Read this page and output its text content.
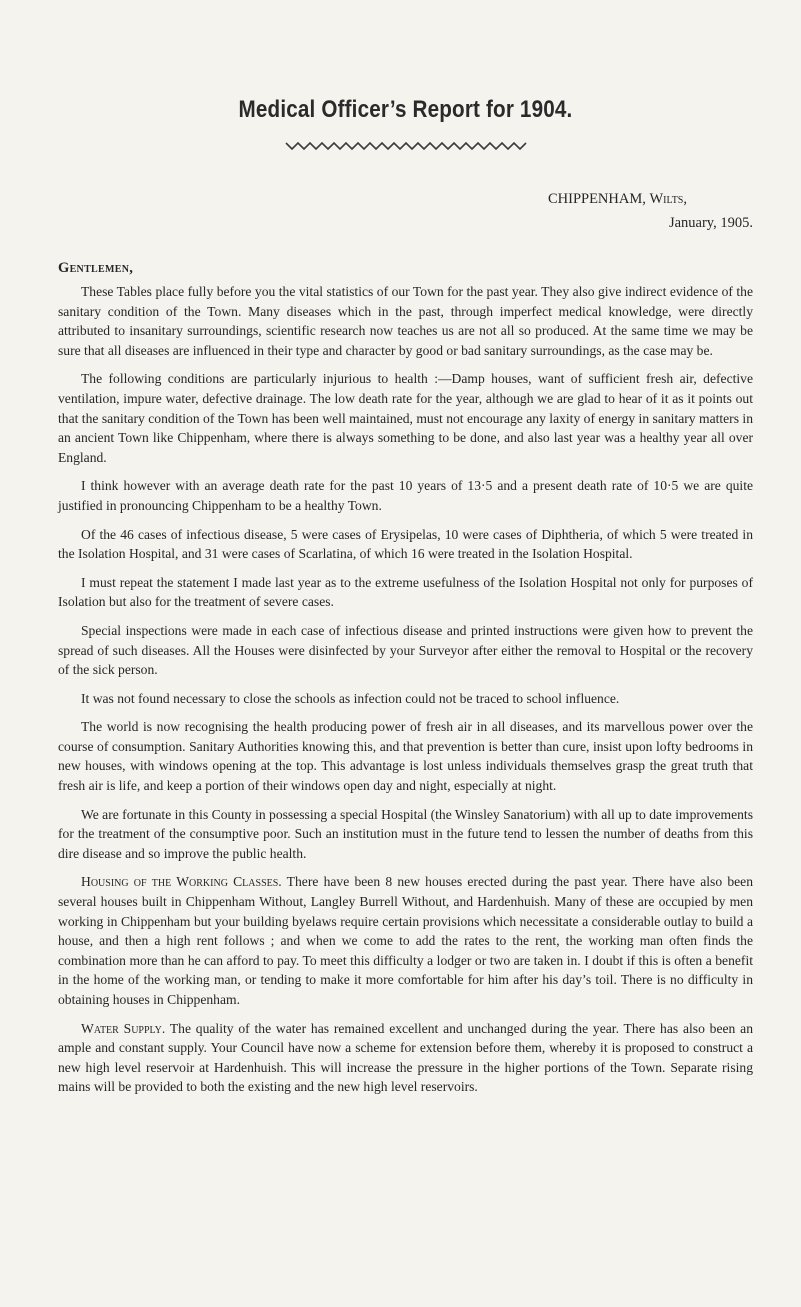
Medical Officer’s Report for 1904.
CHIPPENHAM, Wilts,
January, 1905.
Gentlemen,

These Tables place fully before you the vital statistics of our Town for the past year. They also give indirect evidence of the sanitary condition of the Town. Many diseases which in the past, through imperfect medical knowledge, were directly attributed to insanitary surroundings, scientific research now teaches us are not all so produced. At the same time we may be sure that all diseases are influenced in their type and character by good or bad sanitary surroundings, as the case may be.

The following conditions are particularly injurious to health :—Damp houses, want of sufficient fresh air, defective ventilation, impure water, defective drainage. The low death rate for the year, although we are glad to hear of it as it points out that the sanitary condition of the Town has been well maintained, must not encourage any laxity of energy in sanitary matters in an ancient Town like Chippenham, where there is always something to be done, and also last year was a healthy year all over England.

I think however with an average death rate for the past 10 years of 13·5 and a present death rate of 10·5 we are quite justified in pronouncing Chippenham to be a healthy Town.

Of the 46 cases of infectious disease, 5 were cases of Erysipelas, 10 were cases of Diphtheria, of which 5 were treated in the Isolation Hospital, and 31 were cases of Scarlatina, of which 16 were treated in the Isolation Hospital.

I must repeat the statement I made last year as to the extreme usefulness of the Isolation Hospital not only for purposes of Isolation but also for the treatment of severe cases.

Special inspections were made in each case of infectious disease and printed instructions were given how to prevent the spread of such diseases. All the Houses were disinfected by your Surveyor after either the removal to Hospital or the recovery of the sick person.

It was not found necessary to close the schools as infection could not be traced to school influence.

The world is now recognising the health producing power of fresh air in all diseases, and its marvellous power over the course of consumption. Sanitary Authorities knowing this, and that prevention is better than cure, insist upon lofty bedrooms in new houses, with windows opening at the top. This advantage is lost unless individuals themselves grasp the great truth that fresh air is life, and keep a portion of their windows open day and night, especially at night.

We are fortunate in this County in possessing a special Hospital (the Winsley Sanatorium) with all up to date improvements for the treatment of the consumptive poor. Such an institution must in the future tend to lessen the number of deaths from this dire disease and so improve the public health.

Housing of the Working Classes. There have been 8 new houses erected during the past year. There have also been several houses built in Chippenham Without, Langley Burrell Without, and Hardenhuish. Many of these are occupied by men working in Chippenham but your building byelaws require certain provisions which necessitate a considerable outlay to build a house, and then a high rent follows ; and when we come to add the rates to the rent, the working man often finds the combination more than he can afford to pay. To meet this difficulty a lodger or two are taken in. I doubt if this is often a benefit in the home of the working man, or tending to make it more comfortable for him after his day’s toil. There is no difficulty in obtaining houses in Chippenham.

Water Supply. The quality of the water has remained excellent and unchanged during the year. There has also been an ample and constant supply. Your Council have now a scheme for extension before them, whereby it is proposed to construct a new high level reservoir at Hardenhuish. This will increase the pressure in the higher portions of the Town. Separate rising mains will be provided to both the existing and the new high level reservoirs.
